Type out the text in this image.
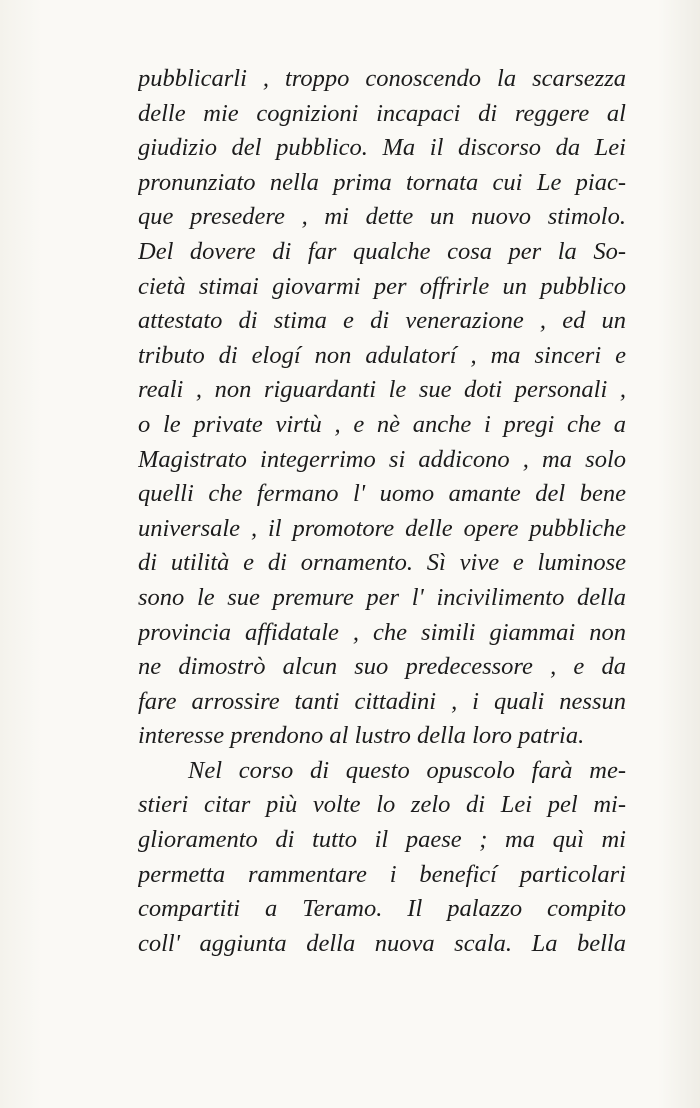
pubblicarli , troppo conoscendo la scarsezza
delle mie cognizioni incapaci di reggere al
giudizio del pubblico. Ma il discorso da Lei
pronunziato nella prima tornata cui Le piac-
que presedere , mi dette un nuovo stimolo.
Del dovere di far qualche cosa per la So-
cietà stimai giovarmi per offrirle un pubblico
attestato di stima e di venerazione , ed un
tributo di elogí non adulatorí , ma sinceri e
reali , non riguardanti le sue doti personali ,
o le private virtù , e nè anche i pregi che a
Magistrato integerrimo si addicono , ma solo
quelli che fermano l' uomo amante del bene
universale , il promotore delle opere pubbliche
di utilità e di ornamento. Sì vive e luminose
sono le sue premure per l' incivilimento della
provincia affidatale , che simili giammai non
ne dimostrò alcun suo predecessore , e da
fare arrossire tanti cittadini , i quali nessun
interesse prendono al lustro della loro patria.
Nel corso di questo opuscolo farà me-
stieri citar più volte lo zelo di Lei pel mi-
glioramento di tutto il paese ; ma quì mi
permetta rammentare i beneficí particolari
compartiti a Teramo. Il palazzo compito
coll' aggiunta della nuova scala. La bella
